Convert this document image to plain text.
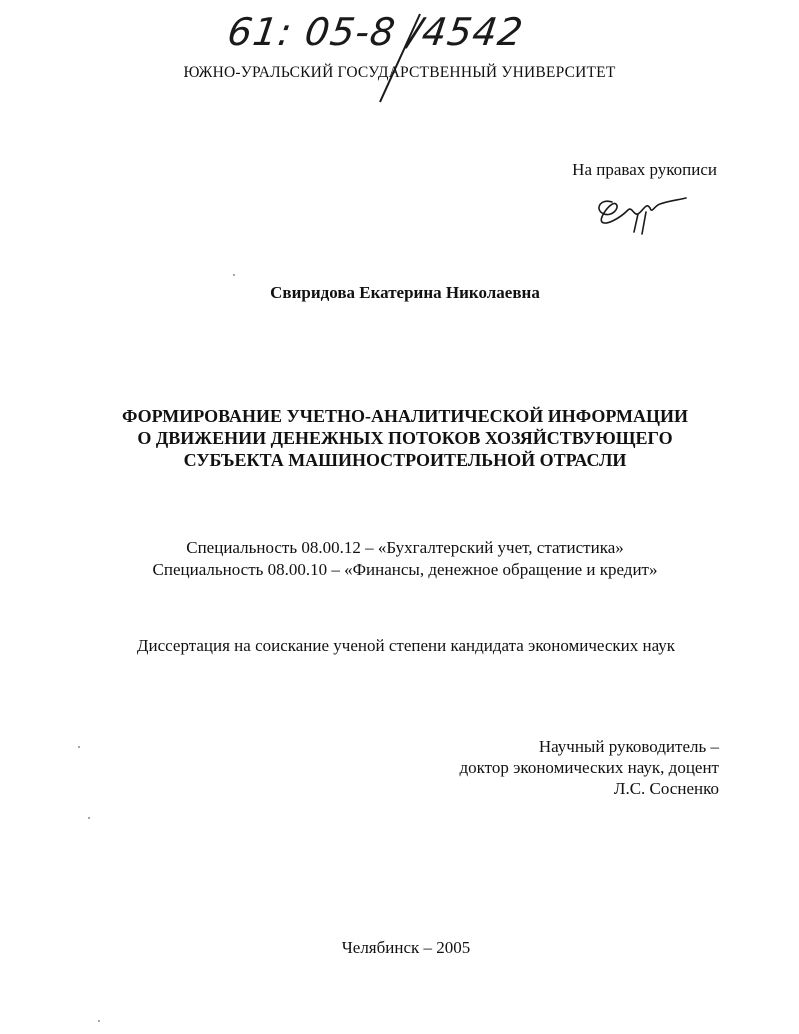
61: 05-8 /4542
ЮЖНО-УРАЛЬСКИЙ ГОСУДАРСТВЕННЫЙ УНИВЕРСИТЕТ
На правах рукописи
Свиридова Екатерина Николаевна
ФОРМИРОВАНИЕ УЧЕТНО-АНАЛИТИЧЕСКОЙ ИНФОРМАЦИИ
О ДВИЖЕНИИ ДЕНЕЖНЫХ ПОТОКОВ ХОЗЯЙСТВУЮЩЕГО
СУБЪЕКТА МАШИНОСТРОИТЕЛЬНОЙ ОТРАСЛИ
Специальность 08.00.12 – «Бухгалтерский учет, статистика»
Специальность 08.00.10 – «Финансы, денежное обращение и кредит»
Диссертация на соискание ученой степени кандидата экономических наук
Научный руководитель –
доктор экономических наук, доцент
Л.С. Сосненко
Челябинск – 2005
